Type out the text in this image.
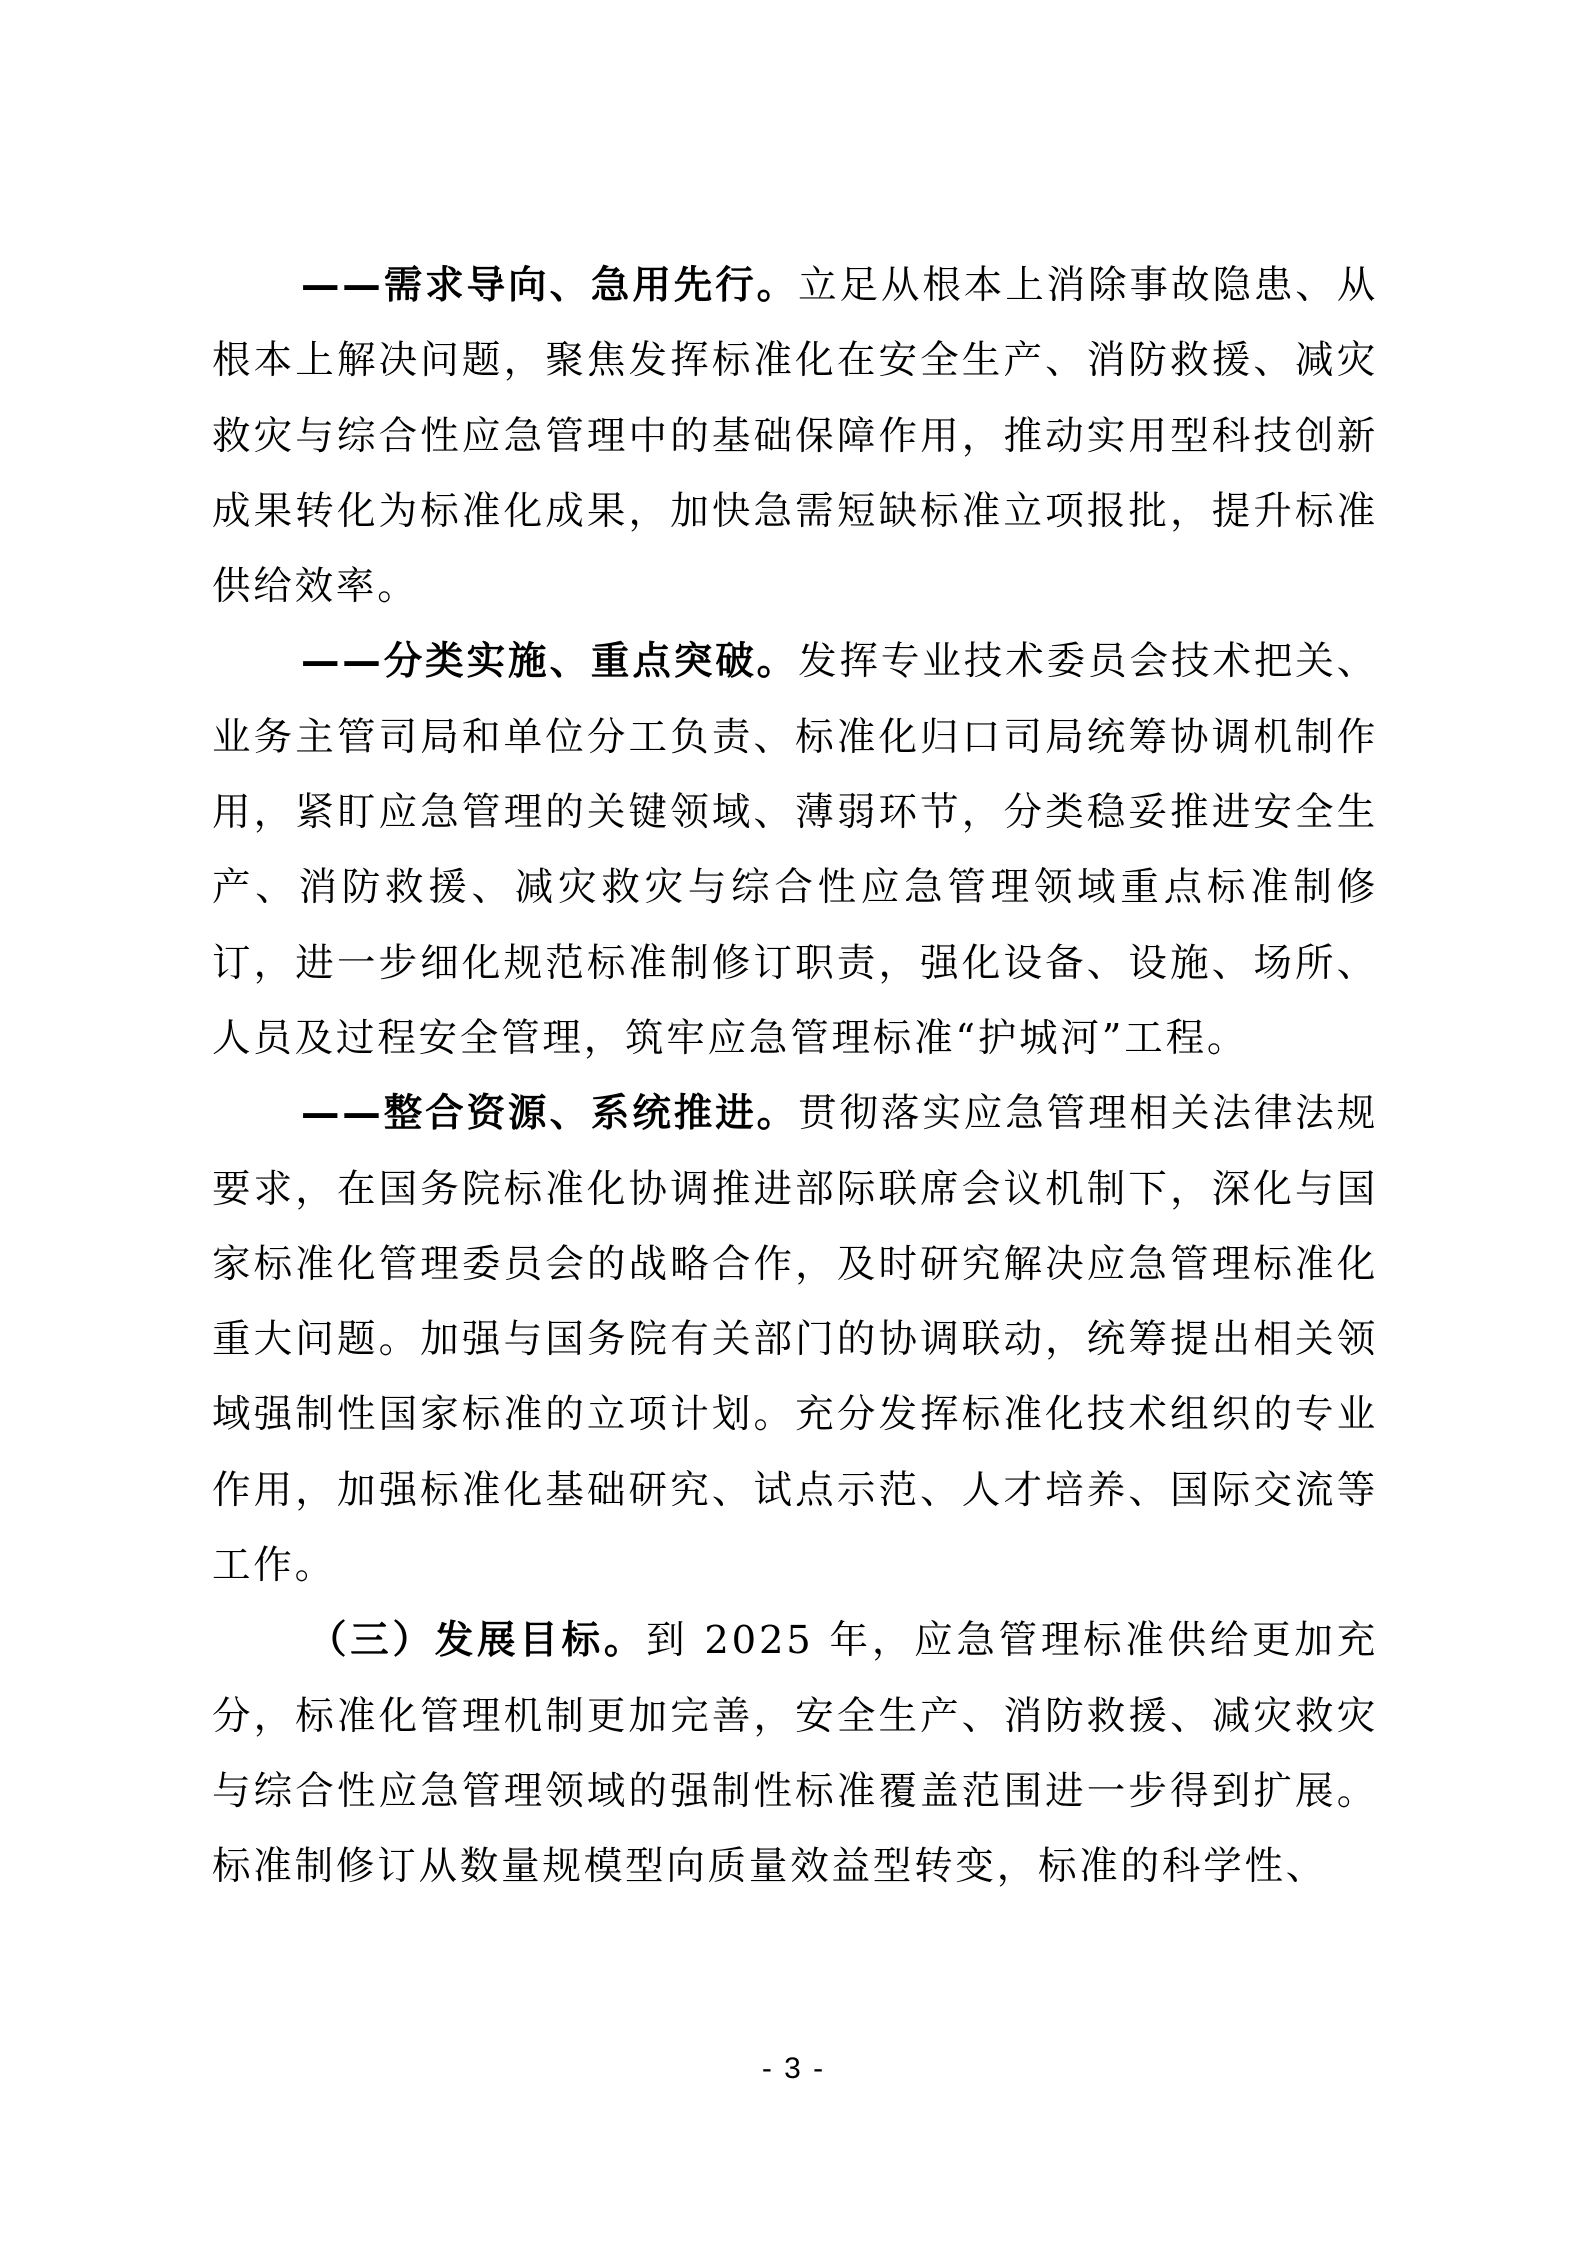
——需求导向、急用先行。立足从根本上消除事故隐患、从根本上解决问题，聚焦发挥标准化在安全生产、消防救援、减灾救灾与综合性应急管理中的基础保障作用，推动实用型科技创新成果转化为标准化成果，加快急需短缺标准立项报批，提升标准供给效率。

——分类实施、重点突破。发挥专业技术委员会技术把关、业务主管司局和单位分工负责、标准化归口司局统筹协调机制作用，紧盯应急管理的关键领域、薄弱环节，分类稳妥推进安全生产、消防救援、减灾救灾与综合性应急管理领域重点标准制修订，进一步细化规范标准制修订职责，强化设备、设施、场所、人员及过程安全管理，筑牢应急管理标准“护城河”工程。

——整合资源、系统推进。贯彻落实应急管理相关法律法规要求，在国务院标准化协调推进部际联席会议机制下，深化与国家标准化管理委员会的战略合作，及时研究解决应急管理标准化重大问题。加强与国务院有关部门的协调联动，统筹提出相关领域强制性国家标准的立项计划。充分发挥标准化技术组织的专业作用，加强标准化基础研究、试点示范、人才培养、国际交流等工作。

（三）发展目标。到 2025 年，应急管理标准供给更加充分，标准化管理机制更加完善，安全生产、消防救援、减灾救灾与综合性应急管理领域的强制性标准覆盖范围进一步得到扩展。标准制修订从数量规模型向质量效益型转变，标准的科学性、

- 3 -
